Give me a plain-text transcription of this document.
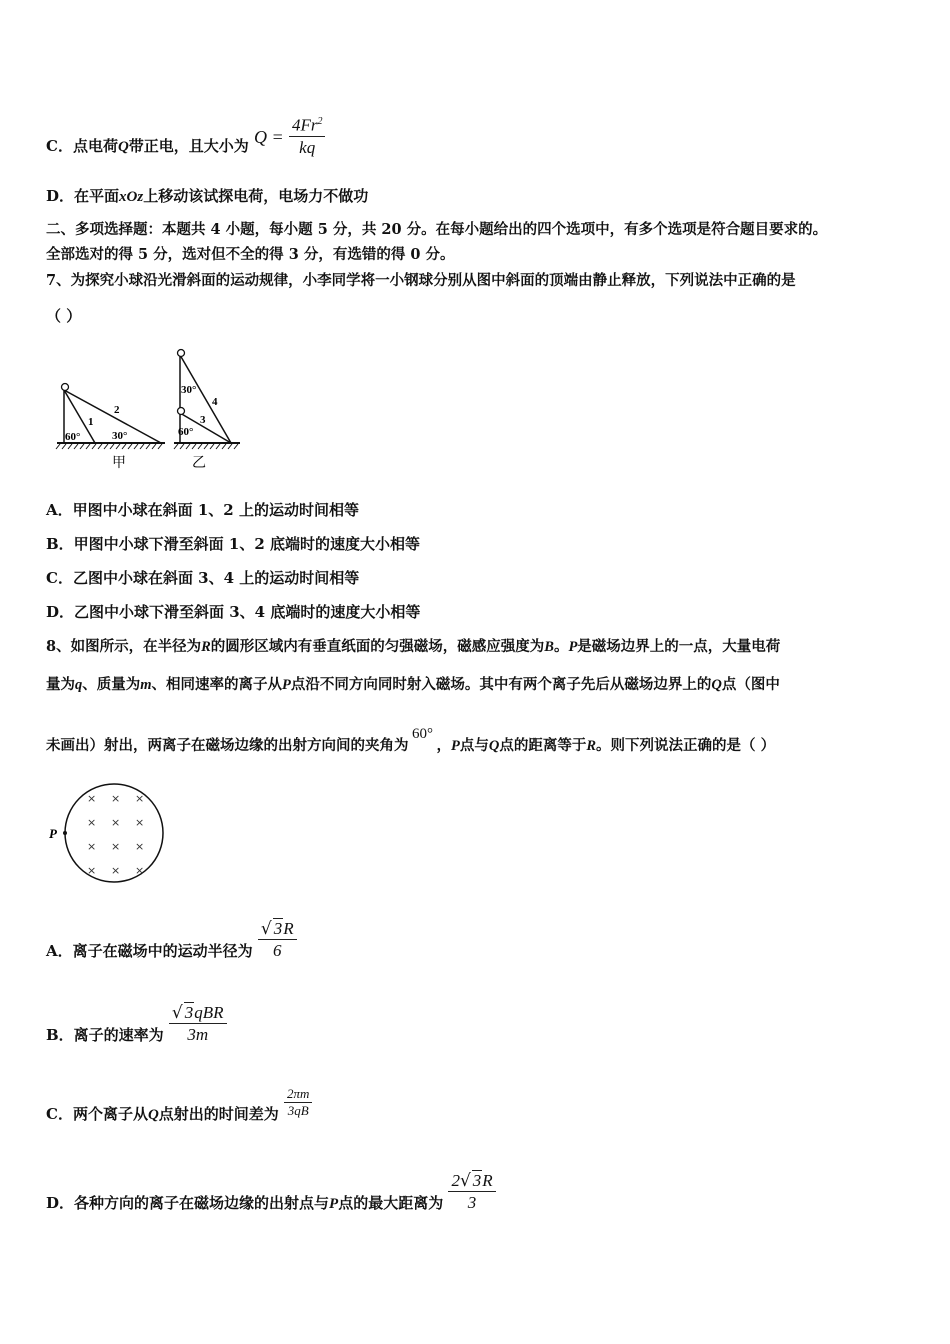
C．点电荷Q带正电，且大小为 $Q = \frac{4Fr^2}{kq}$
D．在平面xOz上移动该试探电荷，电场力不做功
二、多项选择题：本题共 4 小题，每小题 5 分，共 20 分。在每小题给出的四个选项中，有多个选项是符合题目要求的。
全部选对的得 5 分，选对但不全的得 3 分，有选错的得 0 分。
7、为探究小球沿光滑斜面的运动规律，小李同学将一小钢球分别从图中斜面的顶端由静止释放，下列说法中正确的是
（ ）
60°
1
2
30°
甲
30°
4
3
60°
乙
A．甲图中小球在斜面 1、2 上的运动时间相等
B．甲图中小球下滑至斜面 1、2 底端时的速度大小相等
C．乙图中小球在斜面 3、4 上的运动时间相等
D．乙图中小球下滑至斜面 3、4 底端时的速度大小相等
8、如图所示，在半径为R的圆形区域内有垂直纸面的匀强磁场，磁感应强度为B。P是磁场边界上的一点，大量电荷
量为q、质量为m、相同速率的离子从P点沿不同方向同时射入磁场。其中有两个离子先后从磁场边界上的Q点（图中
未画出）射出，两离子在磁场边缘的出射方向间的夹角为60°，P点与Q点的距离等于R。则下列说法正确的是（ ）
P
× × ×
× × ×
× × ×
× × ×
A．离子在磁场中的运动半径为 $\frac{√ 3R}{6}$
B．离子的速率为 $\frac{\text{√ 3qBR}}{3m}$
C．两个离子从Q点射出的时间差为 $\frac{2\pi m}{3qB}$
D．各种方向的离子在磁场边缘的出射点与P点的最大距离为 $\frac{2√ 3R}{3}$
